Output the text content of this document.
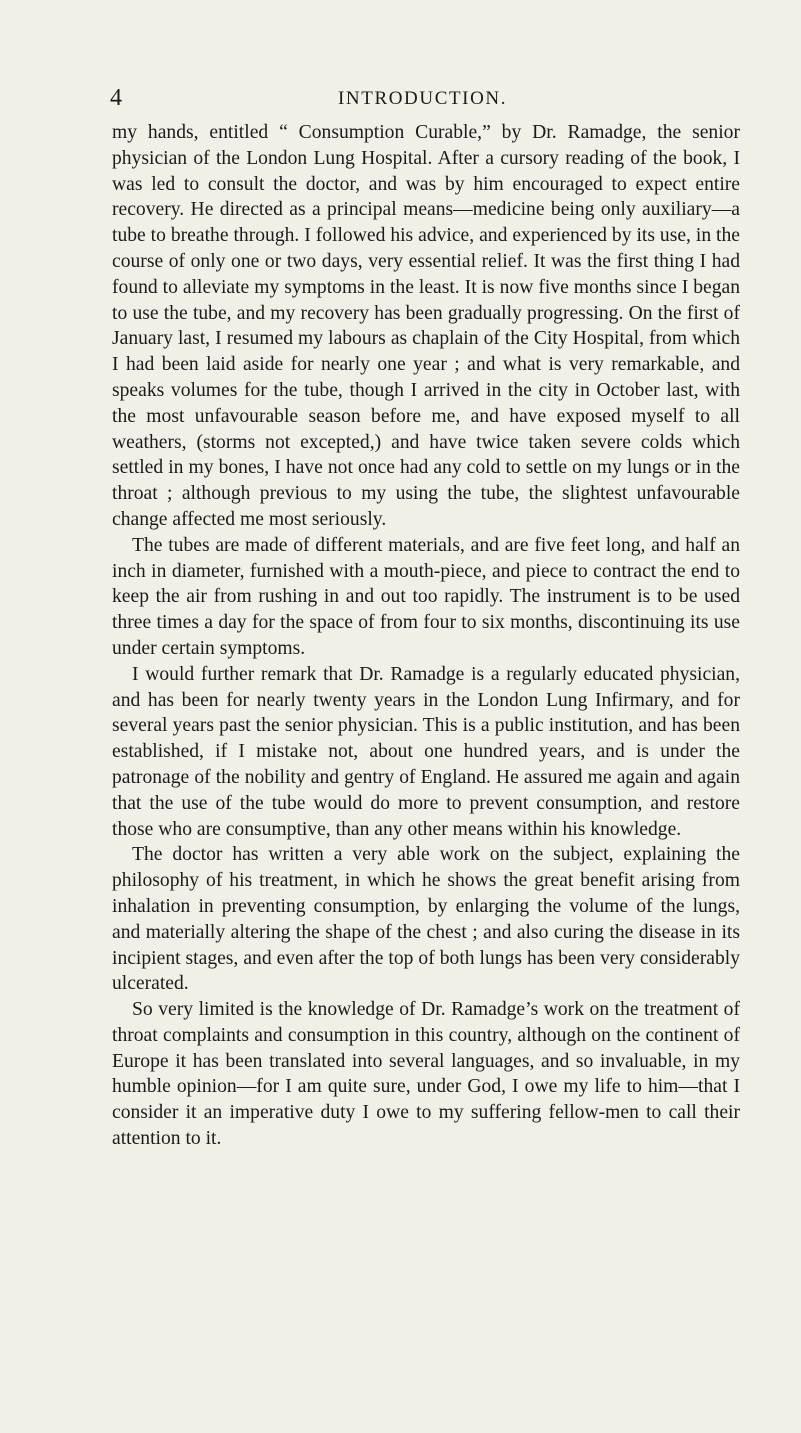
4	INTRODUCTION.

my hands, entitled “ Consumption Curable,” by Dr. Ramadge, the senior physician of the London Lung Hospital. After a cursory reading of the book, I was led to consult the doctor, and was by him encouraged to expect entire recovery. He directed as a principal means—medicine being only auxiliary—a tube to breathe through. I followed his advice, and experienced by its use, in the course of only one or two days, very essential relief. It was the first thing I had found to alleviate my symptoms in the least. It is now five months since I began to use the tube, and my recovery has been gradually progressing. On the first of January last, I resumed my labours as chaplain of the City Hospital, from which I had been laid aside for nearly one year ; and what is very remarkable, and speaks volumes for the tube, though I arrived in the city in October last, with the most unfavourable season before me, and have exposed myself to all weathers, (storms not excepted,) and have twice taken severe colds which settled in my bones, I have not once had any cold to settle on my lungs or in the throat ; although previous to my using the tube, the slightest unfavourable change affected me most seriously.

The tubes are made of different materials, and are five feet long, and half an inch in diameter, furnished with a mouth-piece, and piece to contract the end to keep the air from rushing in and out too rapidly. The instrument is to be used three times a day for the space of from four to six months, discontinuing its use under certain symptoms.

I would further remark that Dr. Ramadge is a regularly educated physician, and has been for nearly twenty years in the London Lung Infirmary, and for several years past the senior physician. This is a public institution, and has been established, if I mistake not, about one hundred years, and is under the patronage of the nobility and gentry of England. He assured me again and again that the use of the tube would do more to prevent consumption, and restore those who are consumptive, than any other means within his knowledge.

The doctor has written a very able work on the subject, explaining the philosophy of his treatment, in which he shows the great benefit arising from inhalation in preventing consumption, by enlarging the volume of the lungs, and materially altering the shape of the chest ; and also curing the disease in its incipient stages, and even after the top of both lungs has been very considerably ulcerated.

So very limited is the knowledge of Dr. Ramadge’s work on the treatment of throat complaints and consumption in this country, although on the continent of Europe it has been translated into several languages, and so invaluable, in my humble opinion—for I am quite sure, under God, I owe my life to him—that I consider it an imperative duty I owe to my suffering fellow-men to call their attention to it.
